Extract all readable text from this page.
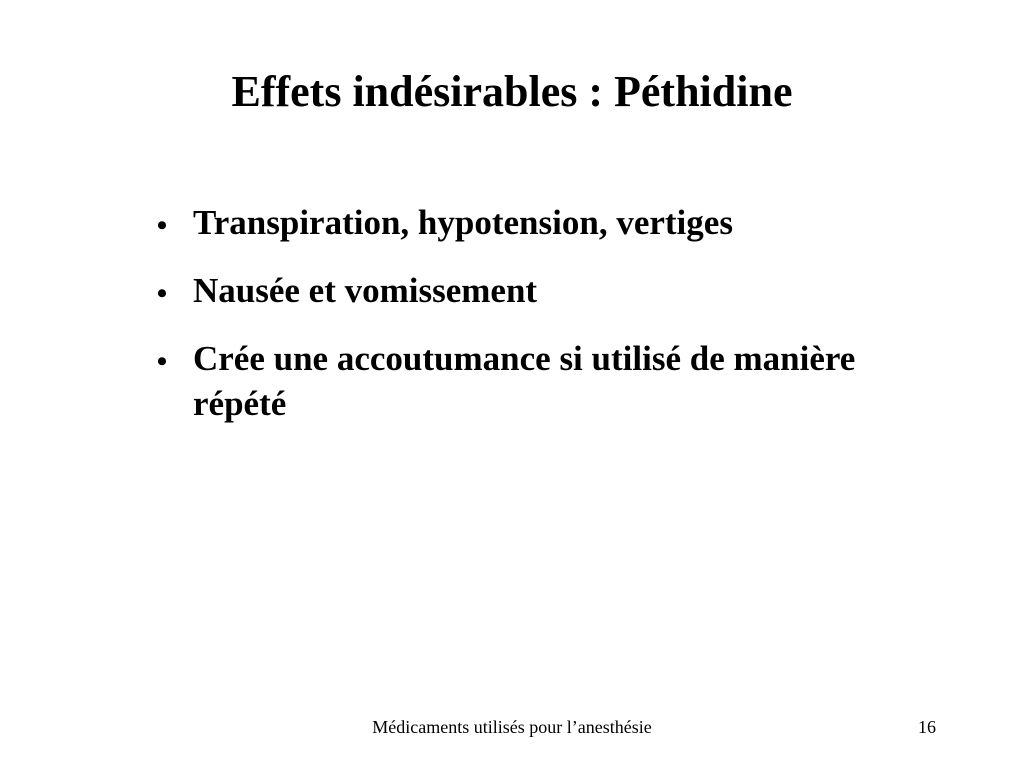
Effets indésirables : Péthidine
• Transpiration, hypotension, vertiges
• Nausée et vomissement
• Crée une accoutumance si utilisé de manière répété
Médicaments utilisés pour l’anesthésie	16
